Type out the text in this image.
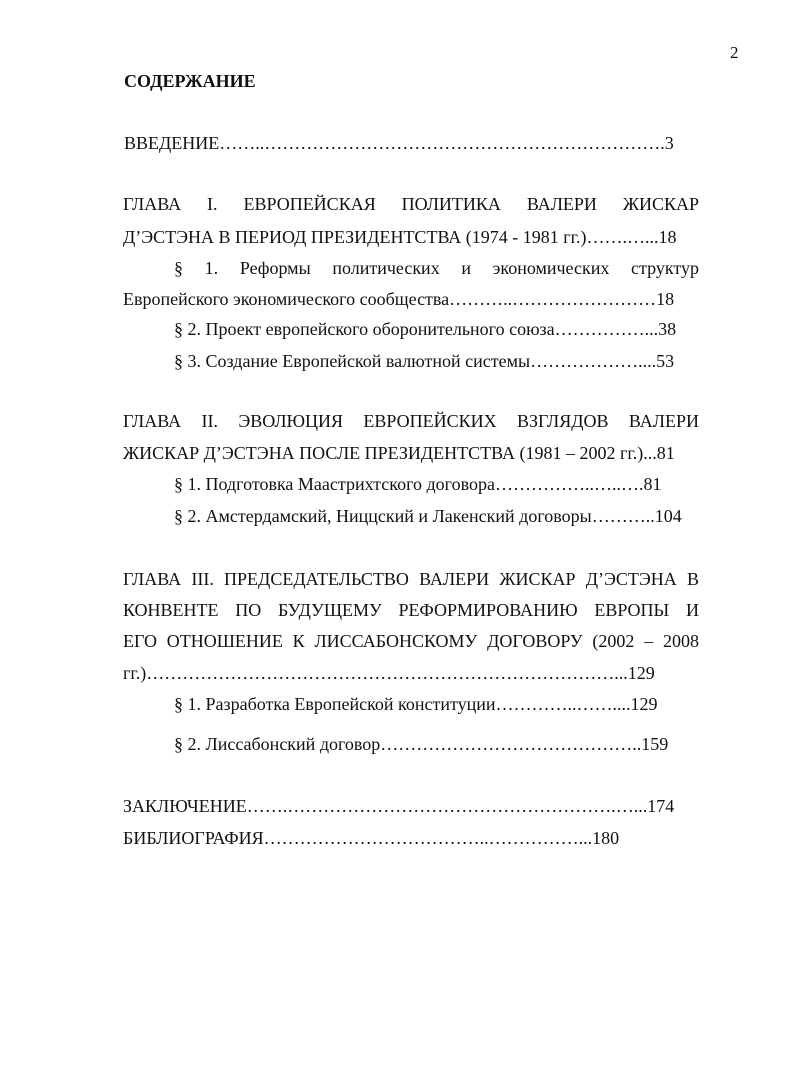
2
СОДЕРЖАНИЕ
ВВЕДЕНИЕ……..………………………………………………………….3
ГЛАВА I. ЕВРОПЕЙСКАЯ ПОЛИТИКА ВАЛЕРИ ЖИСКАР
Д’ЭСТЭНА В ПЕРИОД ПРЕЗИДЕНТСТВА (1974 - 1981 гг.)…….…...18
§ 1. Реформы политических и экономических структур
Европейского экономического сообщества………..……………………18
§ 2. Проект европейского оборонительного союза……………...38
§ 3. Создание Европейской валютной системы………………....53
ГЛАВА II. ЭВОЛЮЦИЯ ЕВРОПЕЙСКИХ ВЗГЛЯДОВ ВАЛЕРИ
ЖИСКАР Д’ЭСТЭНА ПОСЛЕ ПРЕЗИДЕНТСТВА (1981 – 2002 гг.)...81
§ 1. Подготовка Маастрихтского договора……………..…..….81
§ 2. Амстердамский, Ниццский и Лакенский договоры………..104
ГЛАВА III. ПРЕДСЕДАТЕЛЬСТВО ВАЛЕРИ ЖИСКАР Д’ЭСТЭНА В
КОНВЕНТЕ ПО БУДУЩЕМУ РЕФОРМИРОВАНИЮ ЕВРОПЫ И
ЕГО ОТНОШЕНИЕ К ЛИССАБОНСКОМУ ДОГОВОРУ (2002 – 2008
гг.)……………………………………………………………………...129
§ 1. Разработка Европейской конституции…………..……....129
§ 2. Лиссабонский договор……………………………………..159
ЗАКЛЮЧЕНИЕ…….……………………………………………….…...174
БИБЛИОГРАФИЯ………………………………..……………...180
